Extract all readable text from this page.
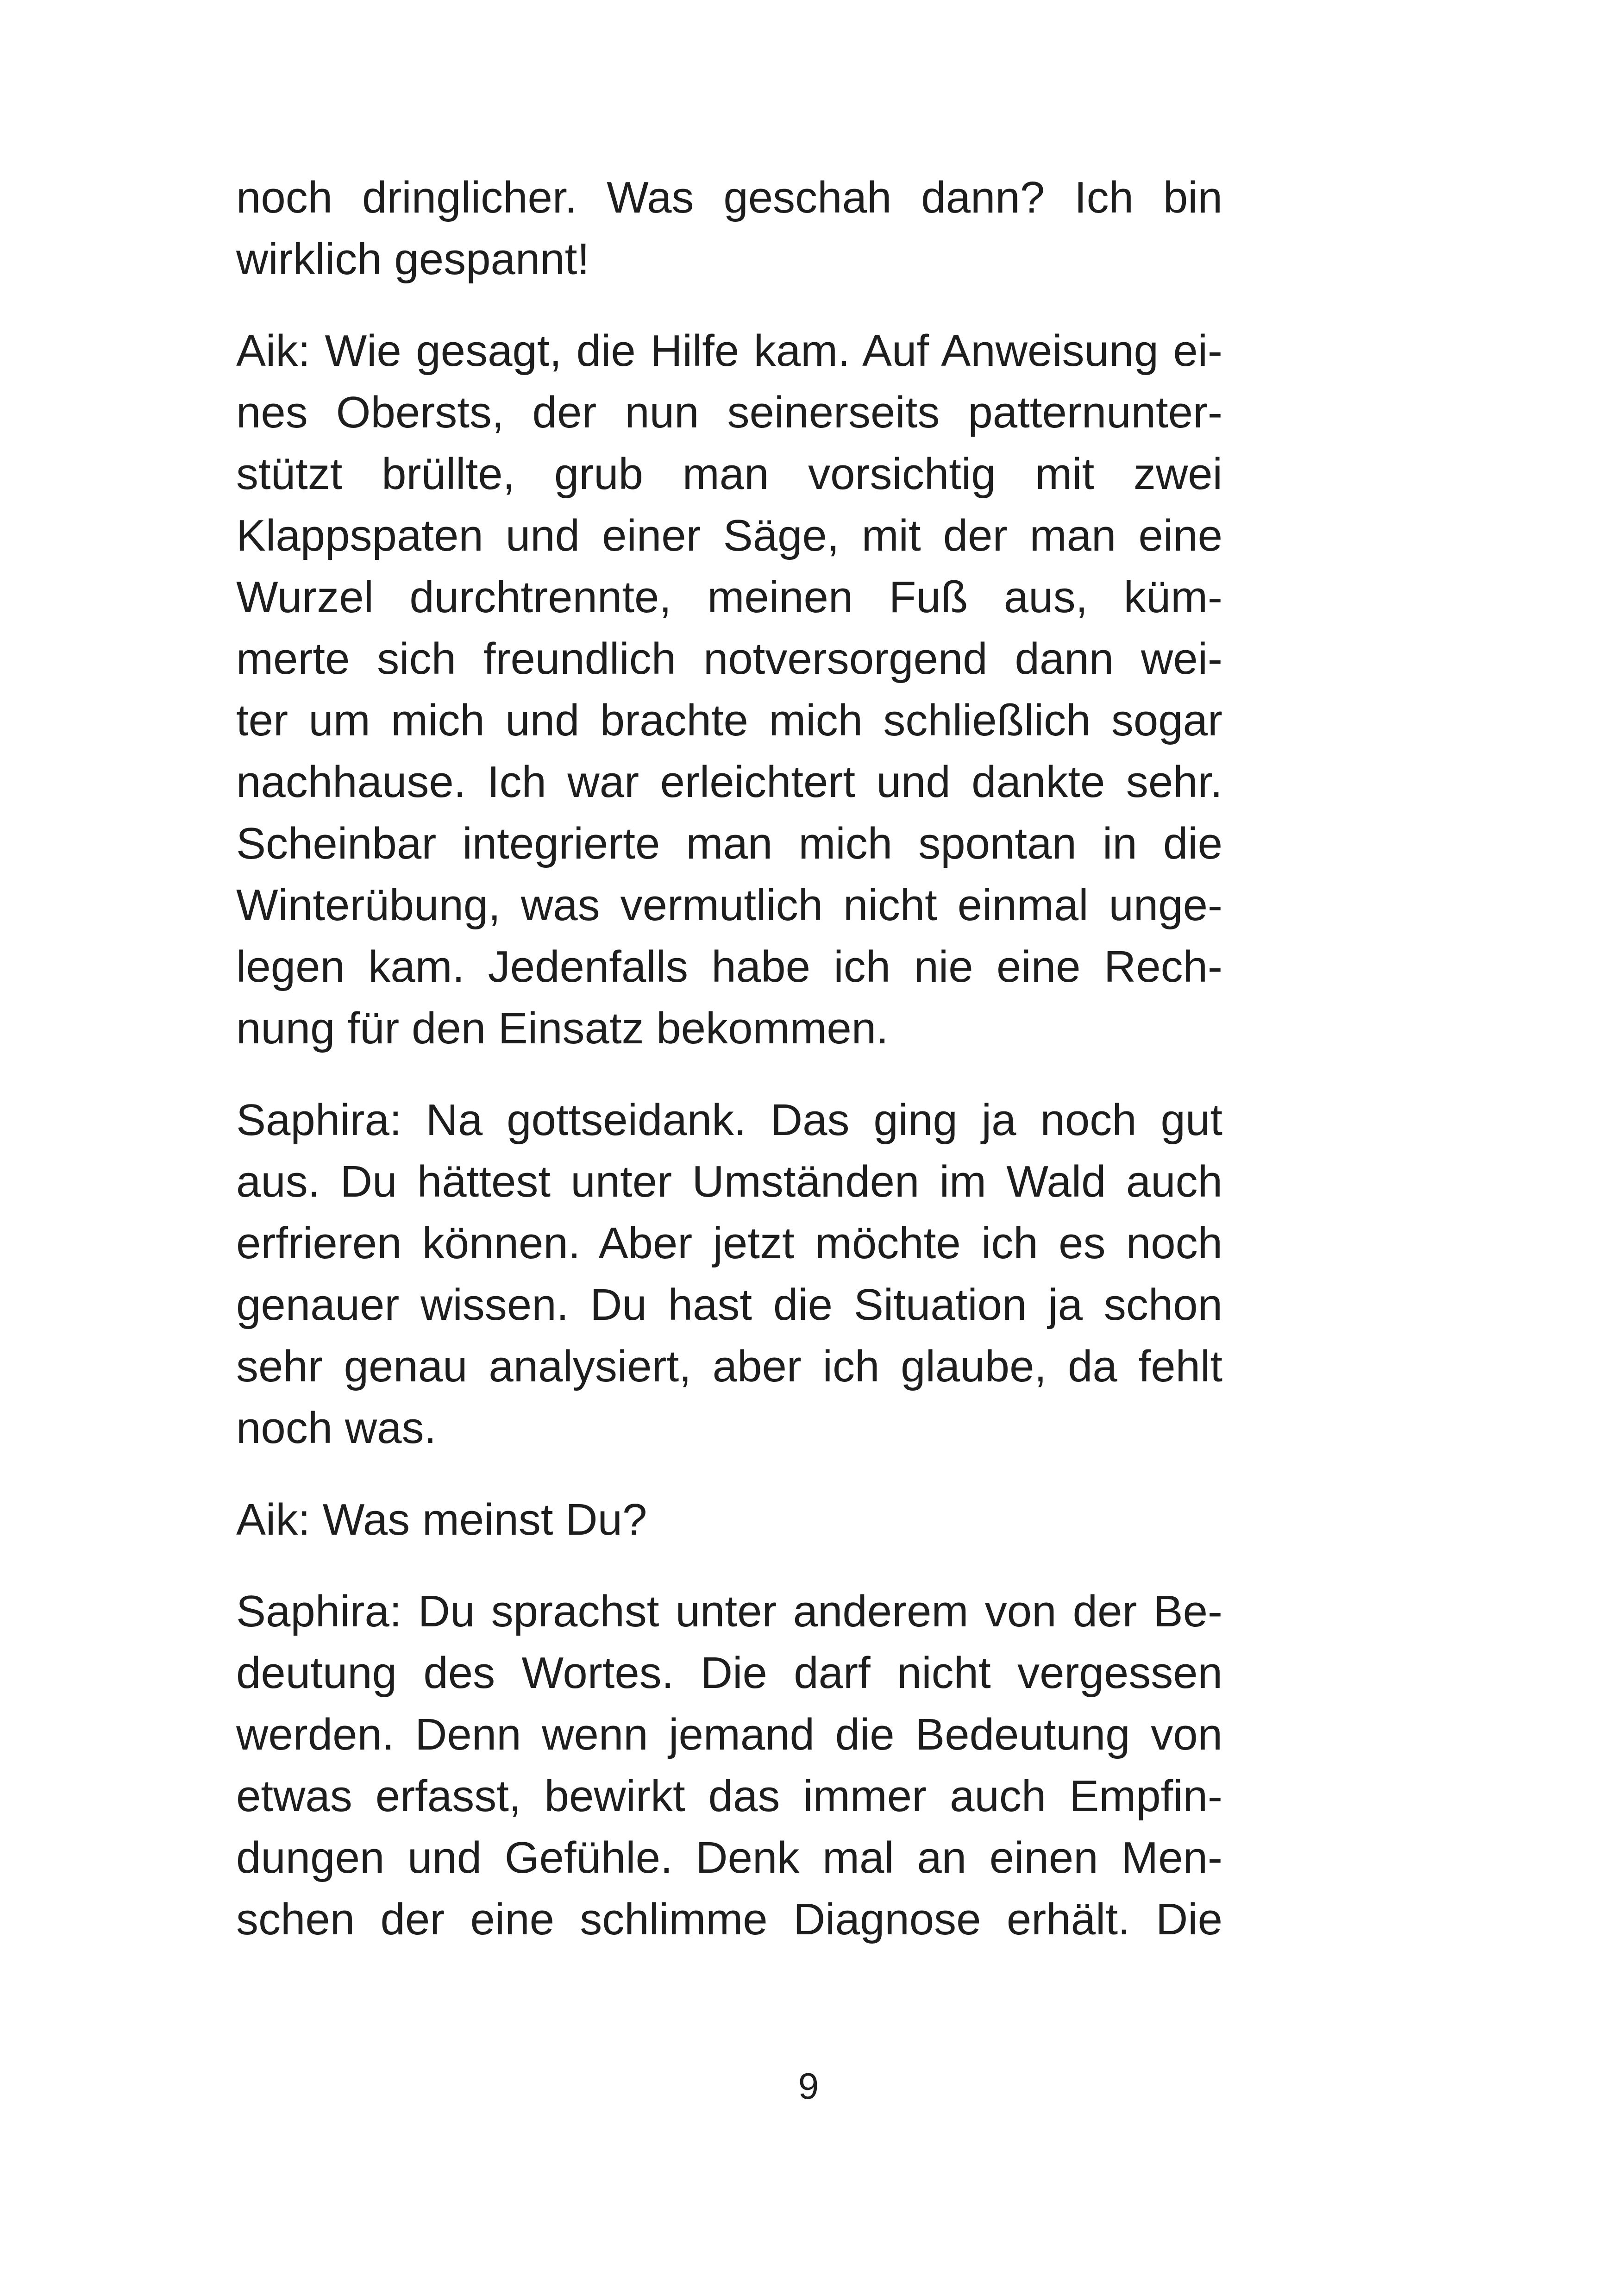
noch dringlicher. Was geschah dann? Ich bin
wirklich gespannt!
Aik: Wie gesagt, die Hilfe kam. Auf Anweisung ei-
nes Obersts, der nun seinerseits patternunter-
stützt brüllte, grub man vorsichtig mit zwei
Klappspaten und einer Säge, mit der man eine
Wurzel durchtrennte, meinen Fuß aus, küm-
merte sich freundlich notversorgend dann wei-
ter um mich und brachte mich schließlich sogar
nachhause. Ich war erleichtert und dankte sehr.
Scheinbar integrierte man mich spontan in die
Winterübung, was vermutlich nicht einmal unge-
legen kam. Jedenfalls habe ich nie eine Rech-
nung für den Einsatz bekommen.
Saphira: Na gottseidank. Das ging ja noch gut
aus. Du hättest unter Umständen im Wald auch
erfrieren können. Aber jetzt möchte ich es noch
genauer wissen. Du hast die Situation ja schon
sehr genau analysiert, aber ich glaube, da fehlt
noch was.
Aik: Was meinst Du?
Saphira: Du sprachst unter anderem von der Be-
deutung des Wortes. Die darf nicht vergessen
werden. Denn wenn jemand die Bedeutung von
etwas erfasst, bewirkt das immer auch Empfin-
dungen und Gefühle. Denk mal an einen Men-
schen der eine schlimme Diagnose erhält. Die
9
